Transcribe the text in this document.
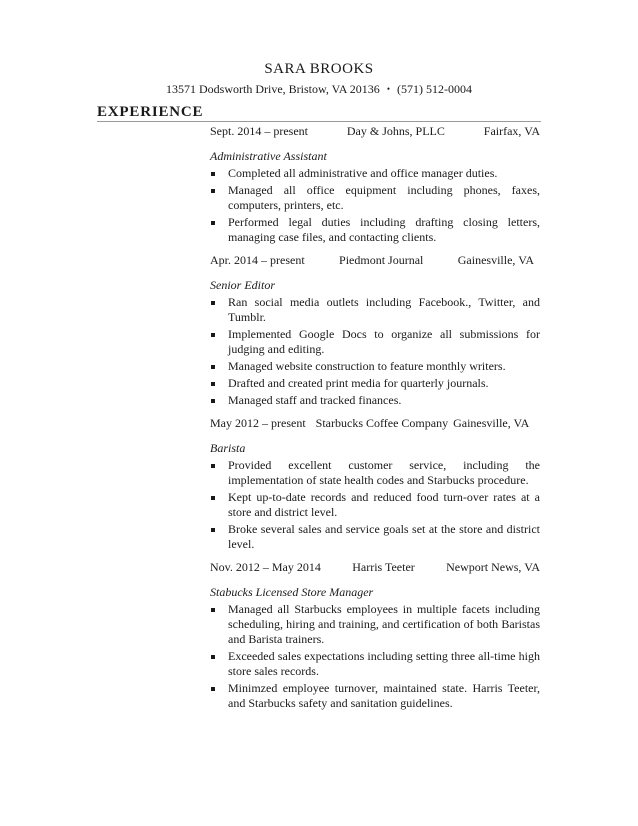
SARA BROOKS
13571 Dodsworth Drive, Bristow, VA 20136 • (571) 512-0004
EXPERIENCE
Sept. 2014 – present	Day & Johns, PLLC	Fairfax, VA
Administrative Assistant
Completed all administrative and office manager duties.
Managed all office equipment including phones, faxes, computers, printers, etc.
Performed legal duties including drafting closing letters, managing case files, and contacting clients.
Apr. 2014 – present	Piedmont Journal	Gainesville, VA
Senior Editor
Ran social media outlets including Facebook., Twitter, and Tumblr.
Implemented Google Docs to organize all submissions for judging and editing.
Managed website construction to feature monthly writers.
Drafted and created print media for quarterly journals.
Managed staff and tracked finances.
May 2012 – present Starbucks Coffee Company Gainesville, VA
Barista
Provided excellent customer service, including the implementation of state health codes and Starbucks procedure.
Kept up-to-date records and reduced food turn-over rates at a store and district level.
Broke several sales and service goals set at the store and district level.
Nov. 2012 – May 2014	Harris Teeter	Newport News, VA
Stabucks Licensed Store Manager
Managed all Starbucks employees in multiple facets including scheduling, hiring and training, and certification of both Baristas and Barista trainers.
Exceeded sales expectations including setting three all-time high store sales records.
Minimzed employee turnover, maintained state. Harris Teeter, and Starbucks safety and sanitation guidelines.
